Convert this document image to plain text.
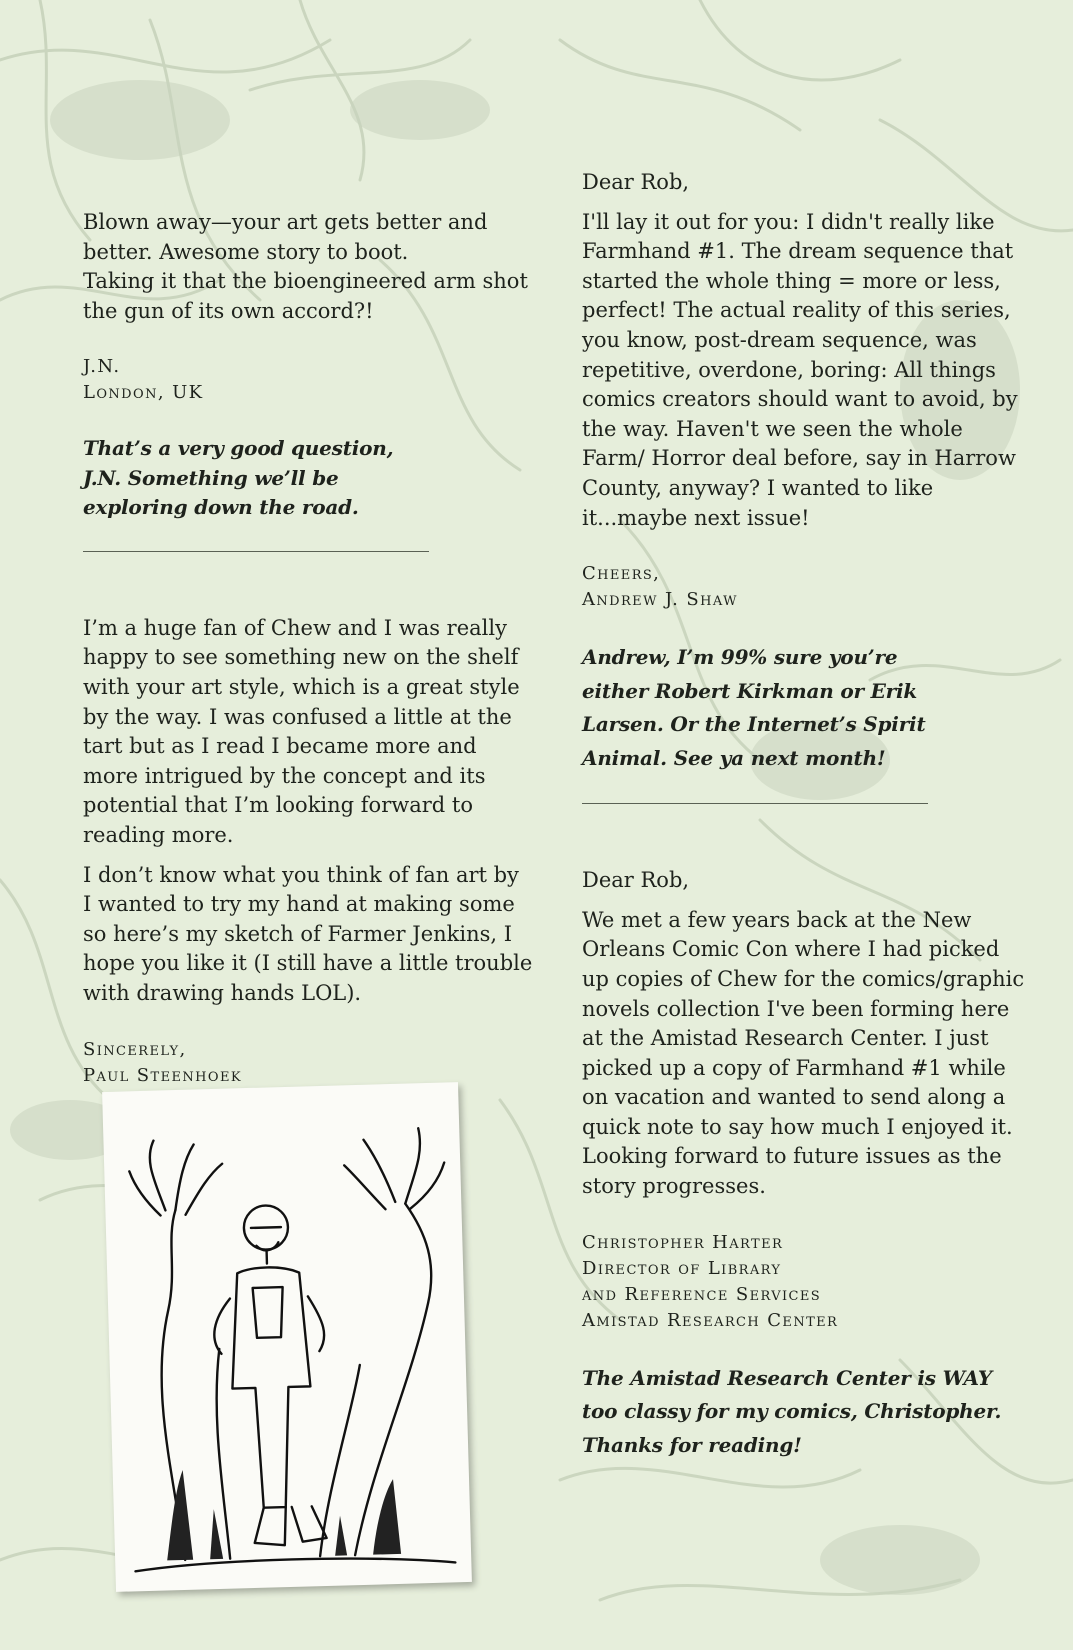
Blown away—your art gets better and better. Awesome story to boot.

Taking it that the bioengineered arm shot the gun of its own accord?!

J.N.
London, UK

That’s a very good question, J.N. Something we’ll be exploring down the road.

I’m a huge fan of Chew and I was really happy to see something new on the shelf with your art style, which is a great style by the way. I was confused a little at the tart but as I read I became more and more intrigued by the concept and its potential that I’m looking forward to reading more.

I don’t know what you think of fan art by I wanted to try my hand at making some so here’s my sketch of Farmer Jenkins, I hope you like it (I still have a little trouble with drawing hands LOL).

Sincerely,
Paul Steenhoek

Dear Rob,

I'll lay it out for you: I didn't really like Farmhand #1. The dream sequence that started the whole thing = more or less, perfect! The actual reality of this series, you know, post-dream sequence, was repetitive, overdone, boring: All things comics creators should want to avoid, by the way. Haven't we seen the whole Farm/ Horror deal before, say in Harrow County, anyway? I wanted to like it...maybe next issue!

Cheers,
Andrew J. Shaw

Andrew, I’m 99% sure you’re either Robert Kirkman or Erik Larsen. Or the Internet’s Spirit Animal. See ya next month!

Dear Rob,

We met a few years back at the New Orleans Comic Con where I had picked up copies of Chew for the comics/graphic novels collection I've been forming here at the Amistad Research Center. I just picked up a copy of Farmhand #1 while on vacation and wanted to send along a quick note to say how much I enjoyed it. Looking forward to future issues as the story progresses.

Christopher Harter
Director of Library
and Reference Services
Amistad Research Center

The Amistad Research Center is WAY too classy for my comics, Christopher. Thanks for reading!
